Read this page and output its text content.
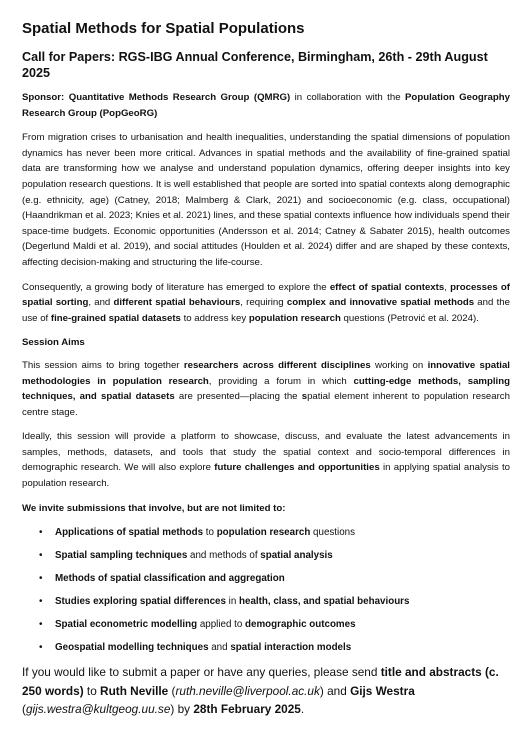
Spatial Methods for Spatial Populations
Call for Papers: RGS-IBG Annual Conference, Birmingham, 26th - 29th August 2025

Sponsor: Quantitative Methods Research Group (QMRG) in collaboration with the Population Geography Research Group (PopGeoRG)

From migration crises to urbanisation and health inequalities, understanding the spatial dimensions of population dynamics has never been more critical. Advances in spatial methods and the availability of fine-grained spatial data are transforming how we analyse and understand population dynamics, offering deeper insights into key population research questions. It is well established that people are sorted into spatial contexts along demographic (e.g. ethnicity, age) (Catney, 2018; Malmberg & Clark, 2021) and socioeconomic (e.g. class, occupational) (Haandrikman et al. 2023; Knies et al. 2021) lines, and these spatial contexts influence how individuals spend their space-time budgets. Economic opportunities (Andersson et al. 2014; Catney & Sabater 2015), health outcomes (Degerlund Maldi et al. 2019), and social attitudes (Houlden et al. 2024) differ and are shaped by these contexts, affecting decision-making and structuring the life-course.

Consequently, a growing body of literature has emerged to explore the effect of spatial contexts, processes of spatial sorting, and different spatial behaviours, requiring complex and innovative spatial methods and the use of fine-grained spatial datasets to address key population research questions (Petrović et al. 2024).

Session Aims

This session aims to bring together researchers across different disciplines working on innovative spatial methodologies in population research, providing a forum in which cutting-edge methods, sampling techniques, and spatial datasets are presented—placing the spatial element inherent to population research centre stage.

Ideally, this session will provide a platform to showcase, discuss, and evaluate the latest advancements in samples, methods, datasets, and tools that study the spatial context and socio-temporal differences in demographic research. We will also explore future challenges and opportunities in applying spatial analysis to population research.

We invite submissions that involve, but are not limited to:

• Applications of spatial methods to population research questions
• Spatial sampling techniques and methods of spatial analysis
• Methods of spatial classification and aggregation
• Studies exploring spatial differences in health, class, and spatial behaviours
• Spatial econometric modelling applied to demographic outcomes
• Geospatial modelling techniques and spatial interaction models

If you would like to submit a paper or have any queries, please send title and abstracts (c. 250 words) to Ruth Neville (ruth.neville@liverpool.ac.uk) and Gijs Westra (gijs.westra@kultgeog.uu.se) by 28th February 2025.
